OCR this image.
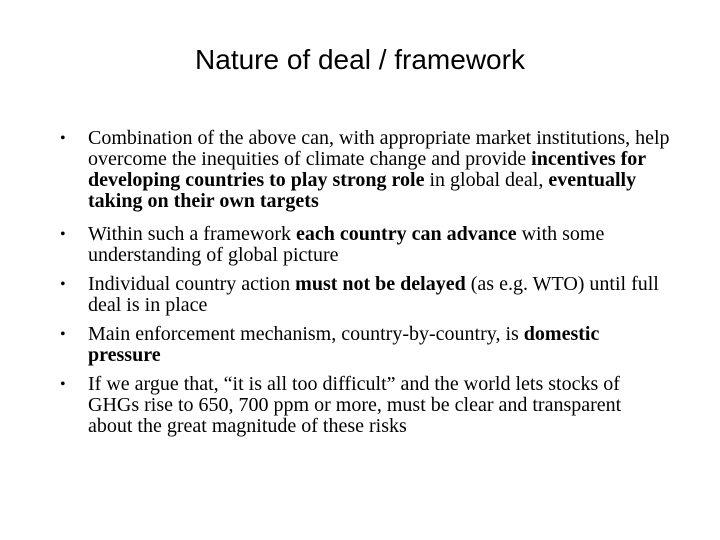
Nature of deal / framework
•	Combination of the above can, with appropriate market institutions, help overcome the inequities of climate change and provide incentives for developing countries to play strong role in global deal, eventually taking on their own targets
•	Within such a framework each country can advance with some understanding of global picture
•	Individual country action must not be delayed (as e.g. WTO) until full deal is in place
•	Main enforcement mechanism, country-by-country, is domestic pressure
•	If we argue that, “it is all too difficult” and the world lets stocks of GHGs rise to 650, 700 ppm or more, must be clear and transparent about the great magnitude of these risks
